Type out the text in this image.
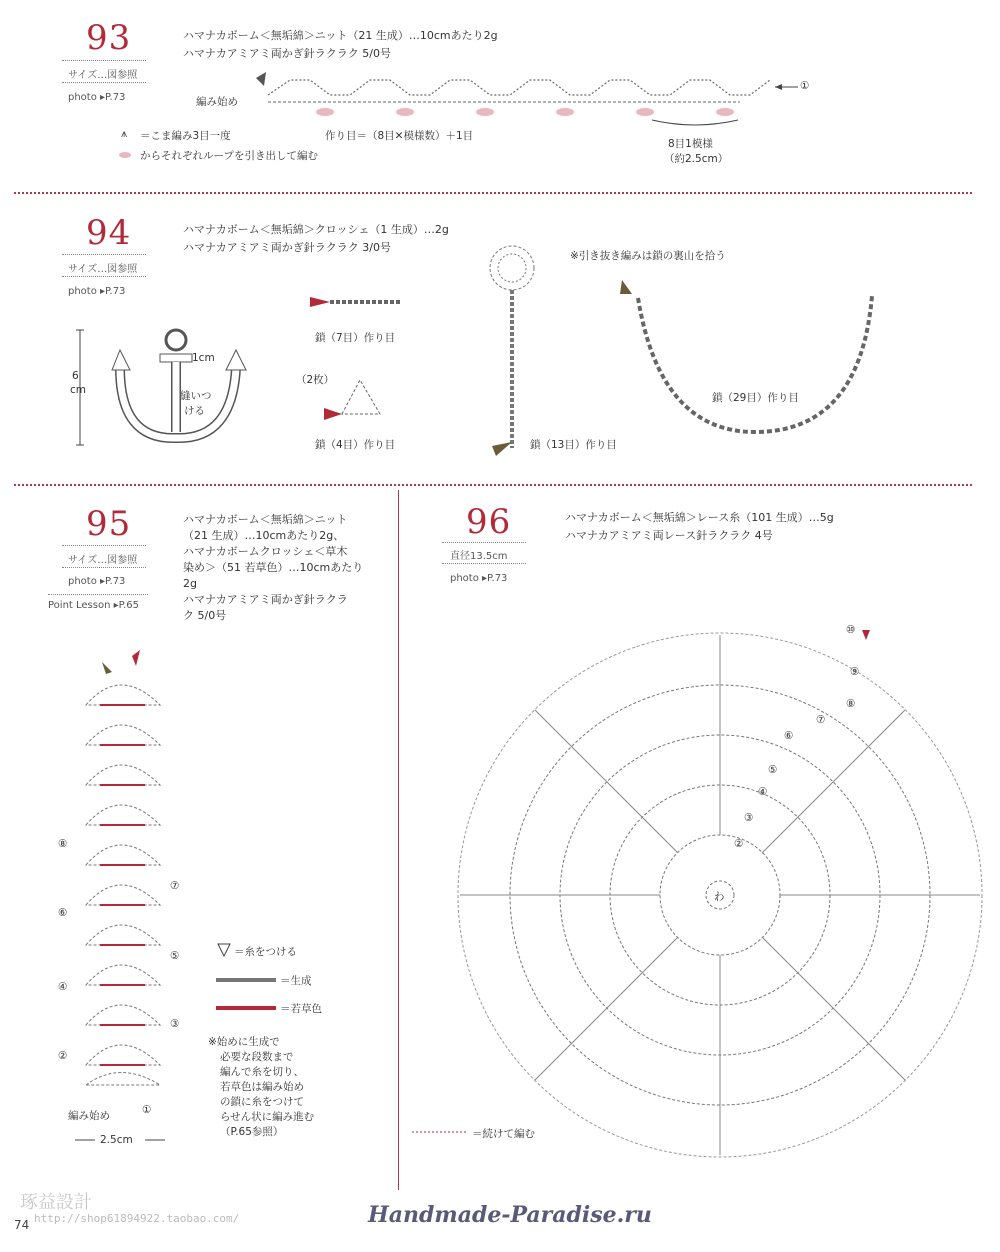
93
サイズ…図参照
photo ▸P.73
ハマナカボーム＜無垢綿＞ニット（21 生成）…10cmあたり2g
ハマナカアミアミ両かぎ針ラクラク 5/0号
編み始め
①
⩚ ＝こま編み3目一度
からそれぞれループを引き出して編む
作り目＝（8目✕模様数）＋1目
8目1模様
（約2.5cm）
94
サイズ…図参照
photo ▸P.73
ハマナカボーム＜無垢綿＞クロッシェ（1 生成）…2g
ハマナカアミアミ両かぎ針ラクラク 3/0号
6
cm
1cm
縫いつ
ける
鎖（7目）作り目
（2枚）
鎖（4目）作り目	鎖（13目）作り目
※引き抜き編みは鎖の裏山を拾う
鎖（29目）作り目
95
サイズ…図参照
photo ▸P.73
Point Lesson ▸P.65
ハマナカボーム＜無垢綿＞ニット
（21 生成）…10cmあたり2g、
ハマナカボームクロッシェ＜草木
染め＞（51 若草色）…10cmあたり
2g
ハマナカアミアミ両かぎ針ラクラ
ク 5/0号
⑧
⑥
④
②
⑦
⑤
③
①
編み始め
2.5cm
＝糸をつける
＝生成
＝若草色
※始めに生成で
必要な段数まで
編んで糸を切り、
若草色は編み始め
の鎖に糸をつけて
らせん状に編み進む
（P.65参照）
96
直径13.5cm
photo ▸P.73
ハマナカボーム＜無垢綿＞レース糸（101 生成）…5g
ハマナカアミアミ両レース針ラクラク 4号
わ
②
③
④
⑤
⑥
⑦
⑧
⑨
⑩
＝続けて編む
琢益設計
http://shop61894922.taobao.com/
74	Handmade-Paradise.ru
